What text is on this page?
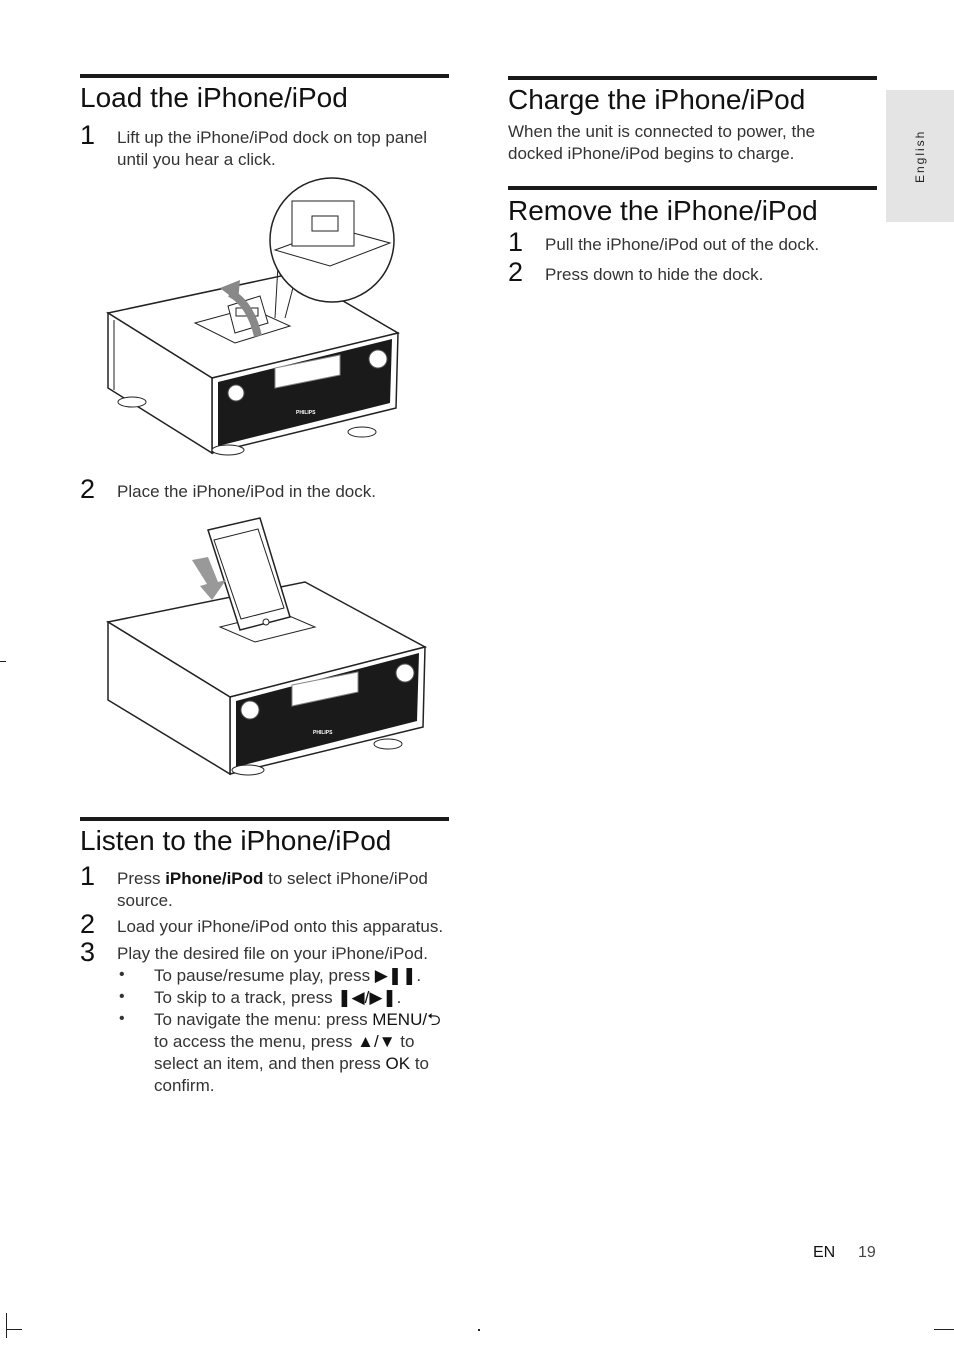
English
Load the iPhone/iPod
1 Lift up the iPhone/iPod dock on top panel until you hear a click.
PHILIPS
2 Place the iPhone/iPod in the dock.
PHILIPS
Listen to the iPhone/iPod
1 Press iPhone/iPod to select iPhone/iPod source.
2 Load your iPhone/iPod onto this apparatus.
3 Play the desired file on your iPhone/iPod.
• To pause/resume play, press ▶❚❚.
• To skip to a track, press ❚◀/▶❚.
• To navigate the menu: press MENU/⮌ to access the menu, press ▲/▼ to select an item, and then press OK to confirm.
Charge the iPhone/iPod
When the unit is connected to power, the docked iPhone/iPod begins to charge.
Remove the iPhone/iPod
1 Pull the iPhone/iPod out of the dock.
2 Press down to hide the dock.
EN 19
